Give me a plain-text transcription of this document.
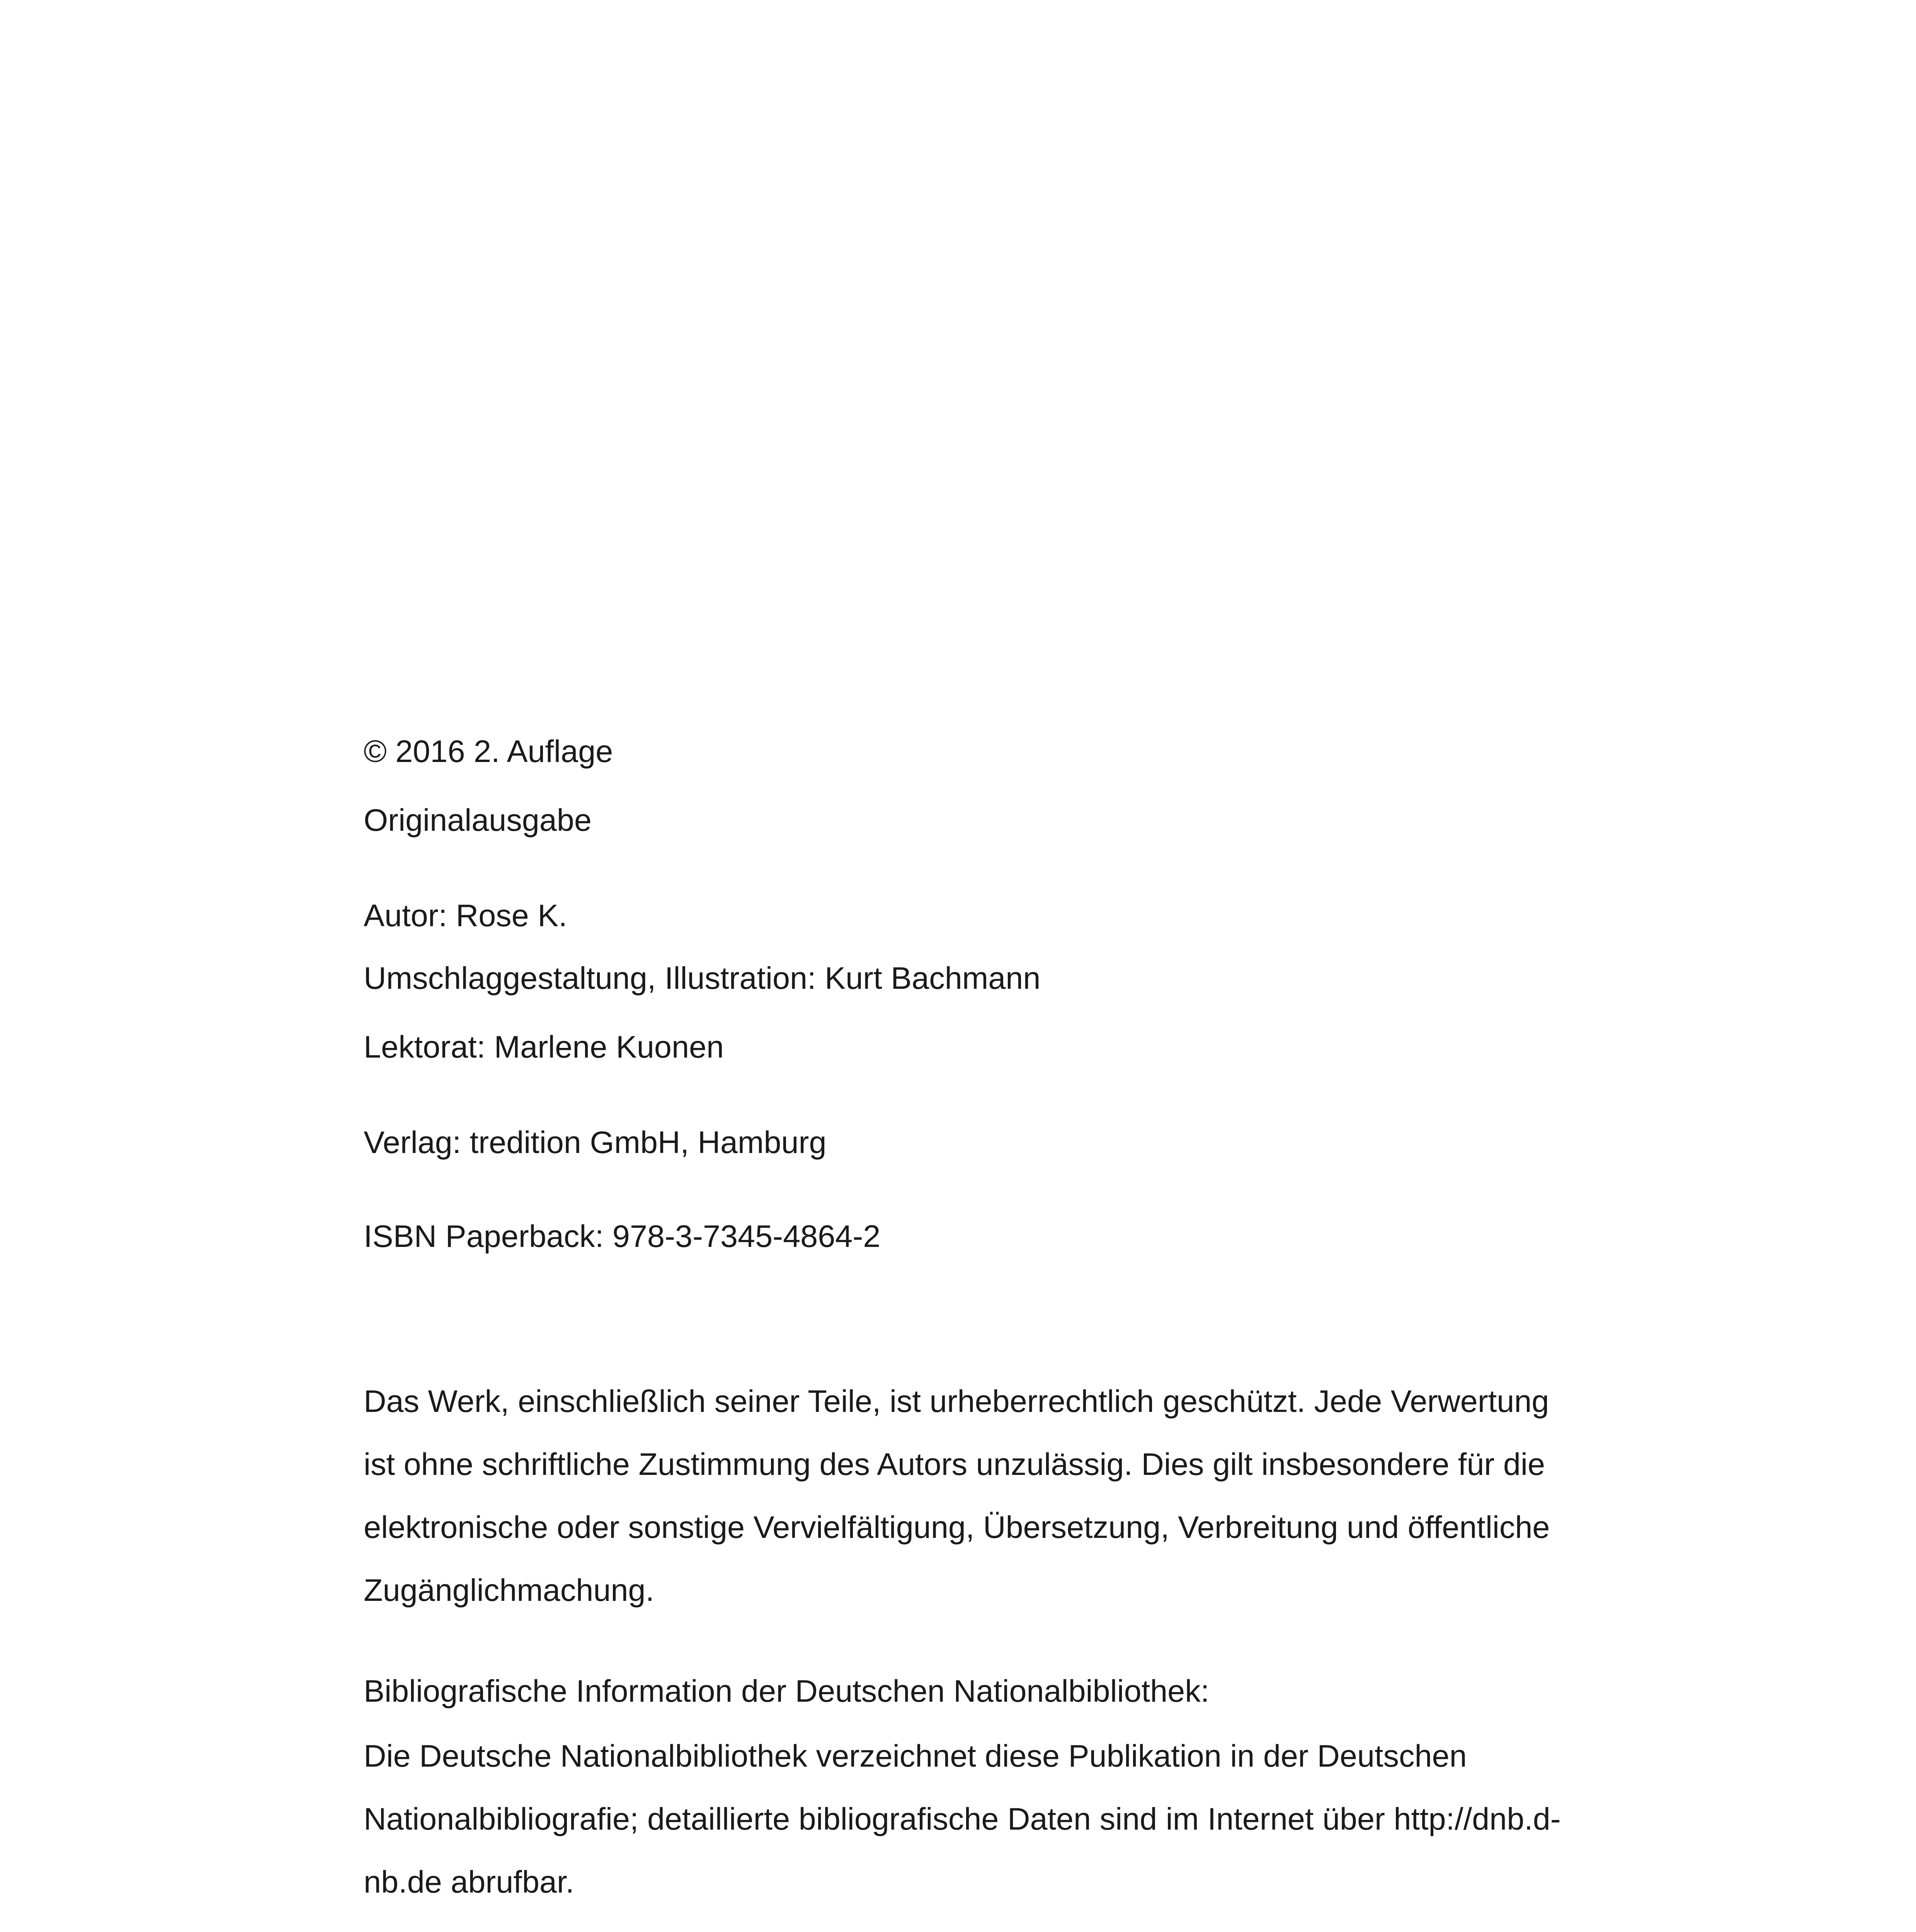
© 2016 2. Auflage
Originalausgabe
Autor: Rose K.
Umschlaggestaltung, Illustration: Kurt Bachmann
Lektorat: Marlene Kuonen
Verlag: tredition GmbH, Hamburg
ISBN Paperback: 978-3-7345-4864-2
Das Werk, einschließlich seiner Teile, ist urheberrechtlich geschützt. Jede Verwertung
ist ohne schriftliche Zustimmung des Autors unzulässig. Dies gilt insbesondere für die
elektronische oder sonstige Vervielfältigung, Übersetzung, Verbreitung und öffentliche
Zugänglichmachung.
Bibliografische Information der Deutschen Nationalbibliothek:
Die Deutsche Nationalbibliothek verzeichnet diese Publikation in der Deutschen
Nationalbibliografie; detaillierte bibliografische Daten sind im Internet über http://dnb.d-
nb.de abrufbar.
